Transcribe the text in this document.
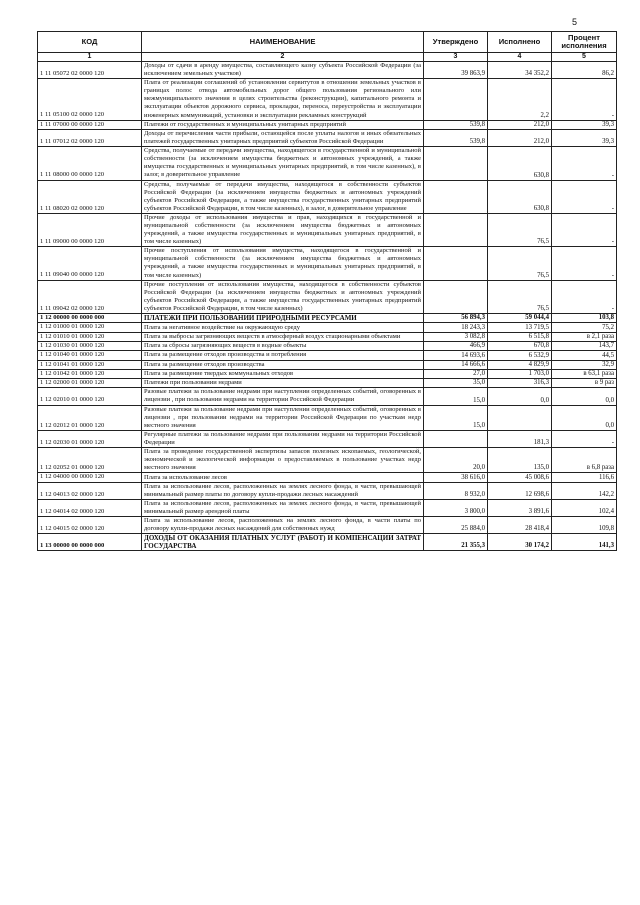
5
КОД	НАИМЕНОВАНИЕ	Утверждено	Исполнено	Процент исполнения
1	2	3	4	5
1 11 05072 02 0000 120	Доходы от сдачи в аренду имущества, составляющего казну субъекта Российской Федерации (за исключением земельных участков)	39 863,9	34 352,2	86,2
1 11 05100 02 0000 120	Плата от реализации соглашений об установлении сервитутов в отношении земельных участков в границах полос отвода автомобильных дорог общего пользования регионального или межмуниципального значения в целях строительства (реконструкции), капитального ремонта и эксплуатации объектов дорожного сервиса, прокладки, переноса, переустройства и эксплуатации инженерных коммуникаций, установки и эксплуатации рекламных конструкций		2,2	-
1 11 07000 00 0000 120	Платежи от государственных и муниципальных унитарных предприятий	539,8	212,0	39,3
1 11 07012 02 0000 120	Доходы от перечисления части прибыли, остающейся после уплаты налогов и иных обязательных платежей государственных унитарных предприятий субъектов Российской Федерации	539,8	212,0	39,3
1 11 08000 00 0000 120	Средства, получаемые от передачи имущества, находящегося в государственной и муниципальной собственности (за исключением имущества бюджетных и автономных учреждений, а также имущества государственных и муниципальных унитарных предприятий, в том числе казенных), в залог, в доверительное управление		630,8	-
1 11 08020 02 0000 120	Средства, получаемые от передачи имущества, находящегося в собственности субъектов Российской Федерации (за исключением имущества бюджетных и автономных учреждений субъектов Российской Федерации, а также имущества государственных унитарных предприятий субъектов Российской Федерации, в том числе казенных), в залог, в доверительное управление		630,8	-
1 11 09000 00 0000 120	Прочие доходы от использования имущества и прав, находящихся в государственной и муниципальной собственности (за исключением имущества бюджетных и автономных учреждений, а также имущества государственных и муниципальных унитарных предприятий, в том числе казенных)		76,5	-
1 11 09040 00 0000 120	Прочие поступления от использования имущества, находящегося в государственной и муниципальной собственности (за исключением имущества бюджетных и автономных учреждений, а также имущества государственных и муниципальных унитарных предприятий, в том числе казенных)		76,5	-
1 11 09042 02 0000 120	Прочие поступления от использования имущества, находящегося в собственности субъектов Российской Федерации (за исключением имущества бюджетных и автономных учреждений субъектов Российской Федерации, а также имущества государственных унитарных предприятий субъектов Российской Федерации, в том числе казенных)		76,5	-
1 12 00000 00 0000 000	ПЛАТЕЖИ ПРИ ПОЛЬЗОВАНИИ ПРИРОДНЫМИ РЕСУРСАМИ	56 894,3	59 044,4	103,8
1 12 01000 01 0000 120	Плата за негативное воздействие на окружающую среду	18 243,3	13 719,5	75,2
1 12 01010 01 0000 120	Плата за выбросы загрязняющих веществ в атмосферный воздух стационарными объектами	3 082,8	6 515,8	в 2,1 раза
1 12 01030 01 0000 120	Плата за сбросы загрязняющих веществ в водные объекты	466,9	670,8	143,7
1 12 01040 01 0000 120	Плата за размещение отходов производства и потребления	14 693,6	6 532,9	44,5
1 12 01041 01 0000 120	Плата за размещение отходов производства	14 666,6	4 829,9	32,9
1 12 01042 01 0000 120	Плата за размещение твердых коммунальных отходов	27,0	1 703,0	в 63,1 раза
1 12 02000 01 0000 120	Платежи при пользовании недрами	35,0	316,3	в 9 раз
1 12 02010 01 0000 120	Разовые платежи за пользование недрами при наступлении определенных событий, оговоренных в лицензии , при пользовании недрами на территории Российской Федерации	15,0	0,0	0,0
1 12 02012 01 0000 120	Разовые платежи за пользование недрами при наступлении определенных событий, оговоренных в лицензии , при пользовании недрами на территории Российской Федерации по участкам недр местного значения	15,0		0,0
1 12 02030 01 0000 120	Регулярные платежи за пользование недрами при пользовании недрами на территории Российской Федерации		181,3	-
1 12 02052 01 0000 120	Плата за проведение государственной экспертизы запасов полезных ископаемых, геологической, экономической и экологической информации о предоставляемых в пользование участках недр местного значения	20,0	135,0	в 6,8 раза
1 12 04000 00 0000 120	Плата за использование лесов	38 616,0	45 008,6	116,6
1 12 04013 02 0000 120	Плата за использование лесов, расположенных на землях лесного фонда, в части, превышающей минимальный размер платы по договору купли-продажи лесных насаждений	8 932,0	12 698,6	142,2
1 12 04014 02 0000 120	Плата за использование лесов, расположенных на землях лесного фонда, в части, превышающей минимальный размер арендной платы	3 800,0	3 891,6	102,4
1 12 04015 02 0000 120	Плата за использование лесов, расположенных на землях лесного фонда, в части платы по договору купли-продажи лесных насаждений для собственных нужд	25 884,0	28 418,4	109,8
1 13 00000 00 0000 000	ДОХОДЫ ОТ ОКАЗАНИЯ ПЛАТНЫХ УСЛУГ (РАБОТ) И КОМПЕНСАЦИИ ЗАТРАТ ГОСУДАРСТВА	21 355,3	30 174,2	141,3
